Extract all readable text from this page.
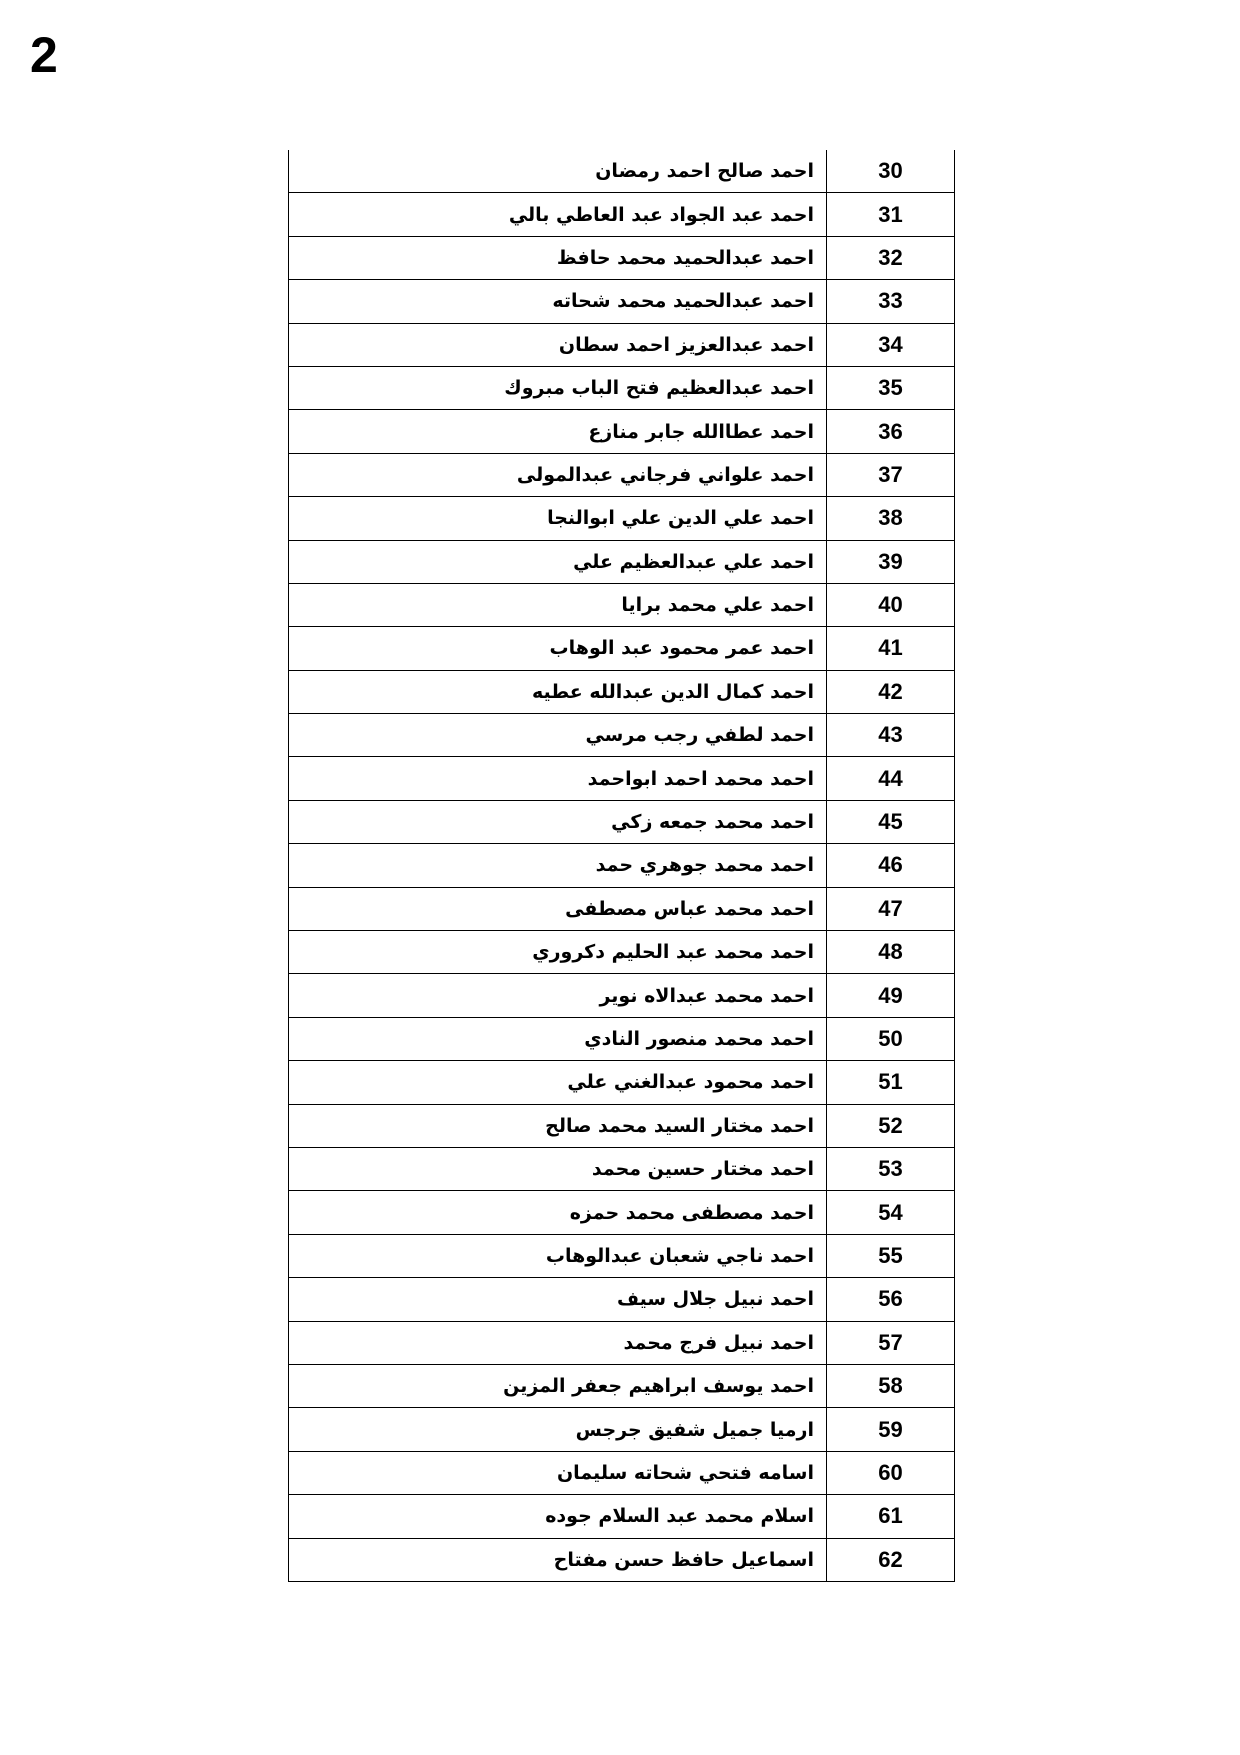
2
احمد صالح احمد رمضان	30
احمد عبد الجواد عبد العاطي بالي	31
احمد عبدالحميد محمد حافظ	32
احمد عبدالحميد محمد شحاته	33
احمد عبدالعزيز احمد سطان	34
احمد عبدالعظيم فتح الباب مبروك	35
احمد عطاالله جابر منازع	36
احمد علواني فرجاني عبدالمولى	37
احمد علي الدين علي ابوالنجا	38
احمد علي عبدالعظيم علي	39
احمد علي محمد برايا	40
احمد عمر محمود عبد الوهاب	41
احمد كمال الدين عبدالله عطيه	42
احمد لطفي رجب مرسي	43
احمد محمد احمد ابواحمد	44
احمد محمد جمعه زكي	45
احمد محمد جوهري حمد	46
احمد محمد عباس مصطفى	47
احمد محمد عبد الحليم دكروري	48
احمد محمد عبدالاه نوير	49
احمد محمد منصور النادي	50
احمد محمود عبدالغني علي	51
احمد مختار السيد محمد صالح	52
احمد مختار حسين محمد	53
احمد مصطفى محمد حمزه	54
احمد ناجي شعبان عبدالوهاب	55
احمد نبيل جلال سيف	56
احمد نبيل فرج محمد	57
احمد يوسف ابراهيم جعفر المزين	58
ارميا جميل شفيق جرجس	59
اسامه فتحي شحاته سليمان	60
اسلام محمد عبد السلام جوده	61
اسماعيل حافظ حسن مفتاح	62
